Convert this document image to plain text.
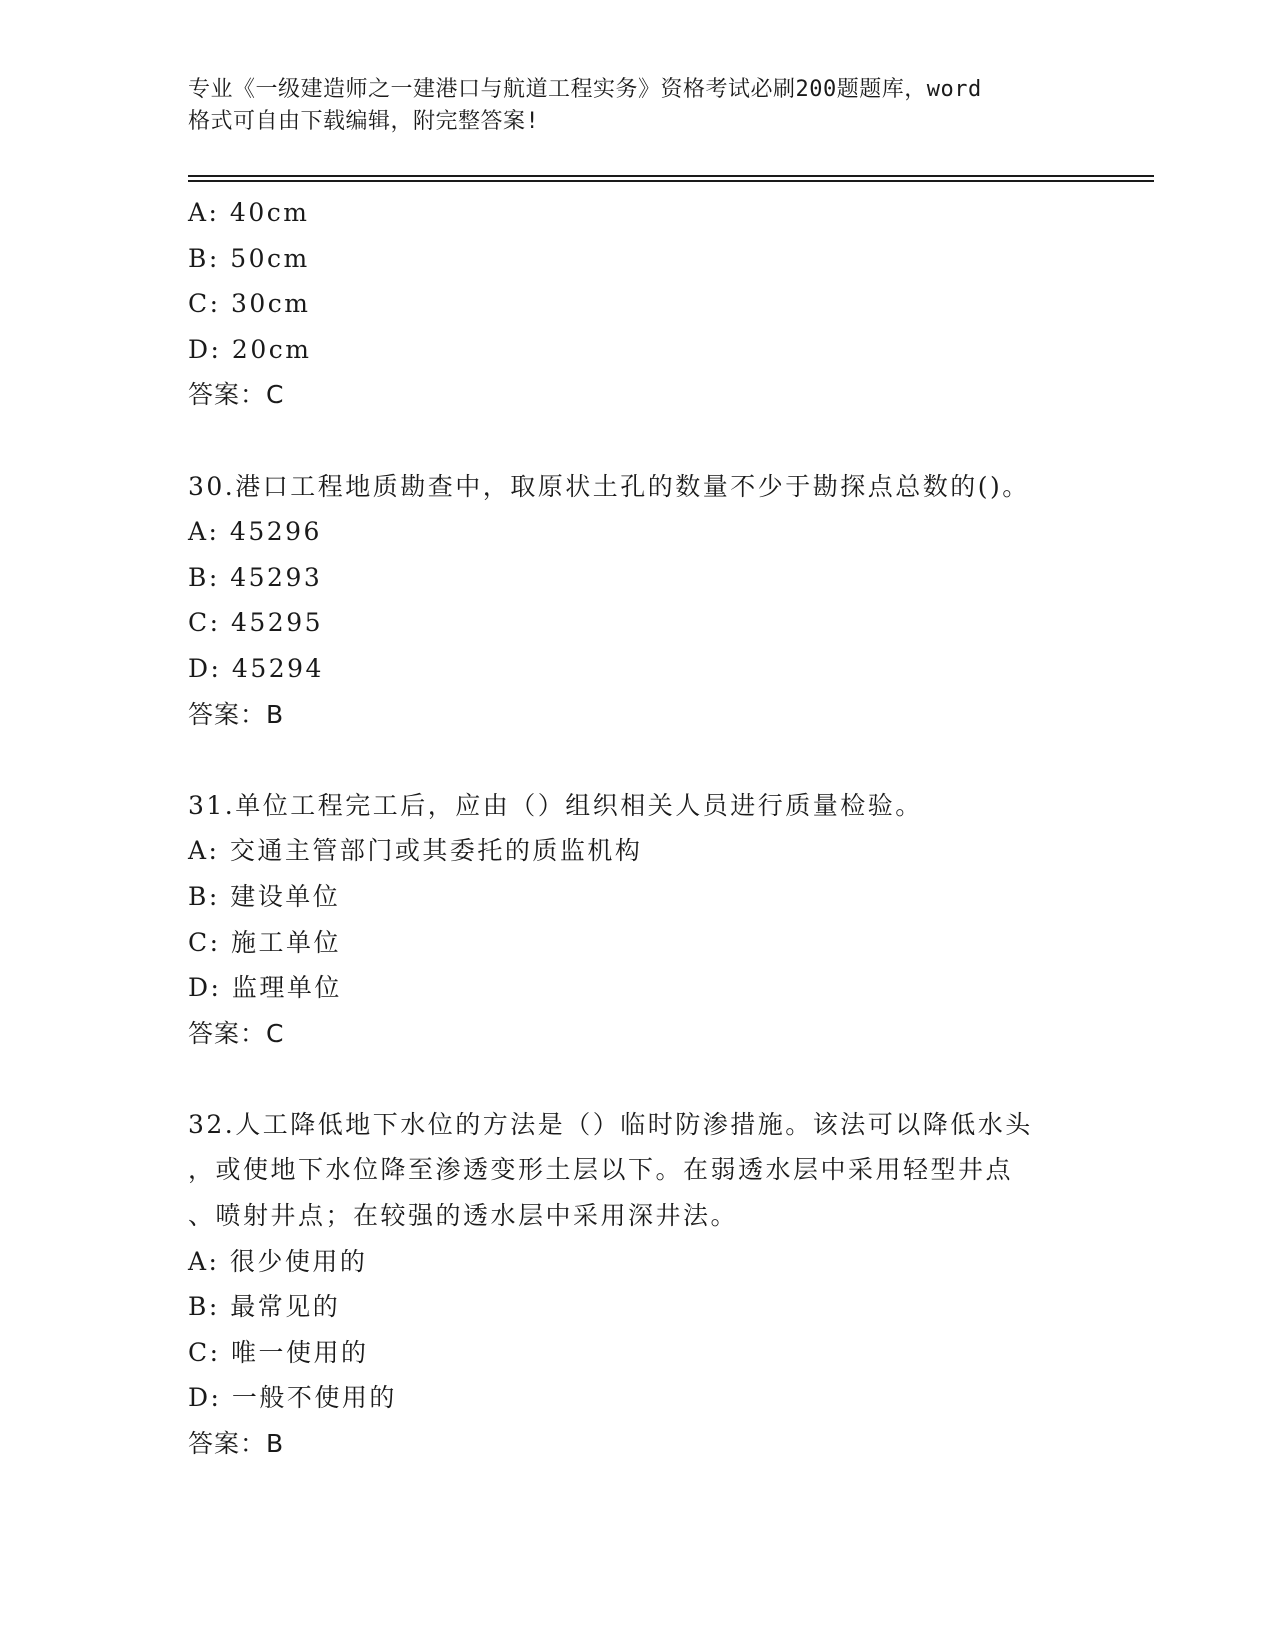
专业《一级建造师之一建港口与航道工程实务》资格考试必刷200题题库，word
格式可自由下载编辑，附完整答案!
A: 40cm
B: 50cm
C: 30cm
D: 20cm
答案：C
30.港口工程地质勘查中，取原状土孔的数量不少于勘探点总数的()。
A: 45296
B: 45293
C: 45295
D: 45294
答案：B
31.单位工程完工后，应由（）组织相关人员进行质量检验。
A: 交通主管部门或其委托的质监机构
B: 建设单位
C: 施工单位
D: 监理单位
答案：C
32.人工降低地下水位的方法是（）临时防渗措施。该法可以降低水头
，或使地下水位降至渗透变形土层以下。在弱透水层中采用轻型井点
、喷射井点；在较强的透水层中采用深井法。
A: 很少使用的
B: 最常见的
C: 唯一使用的
D: 一般不使用的
答案：B
